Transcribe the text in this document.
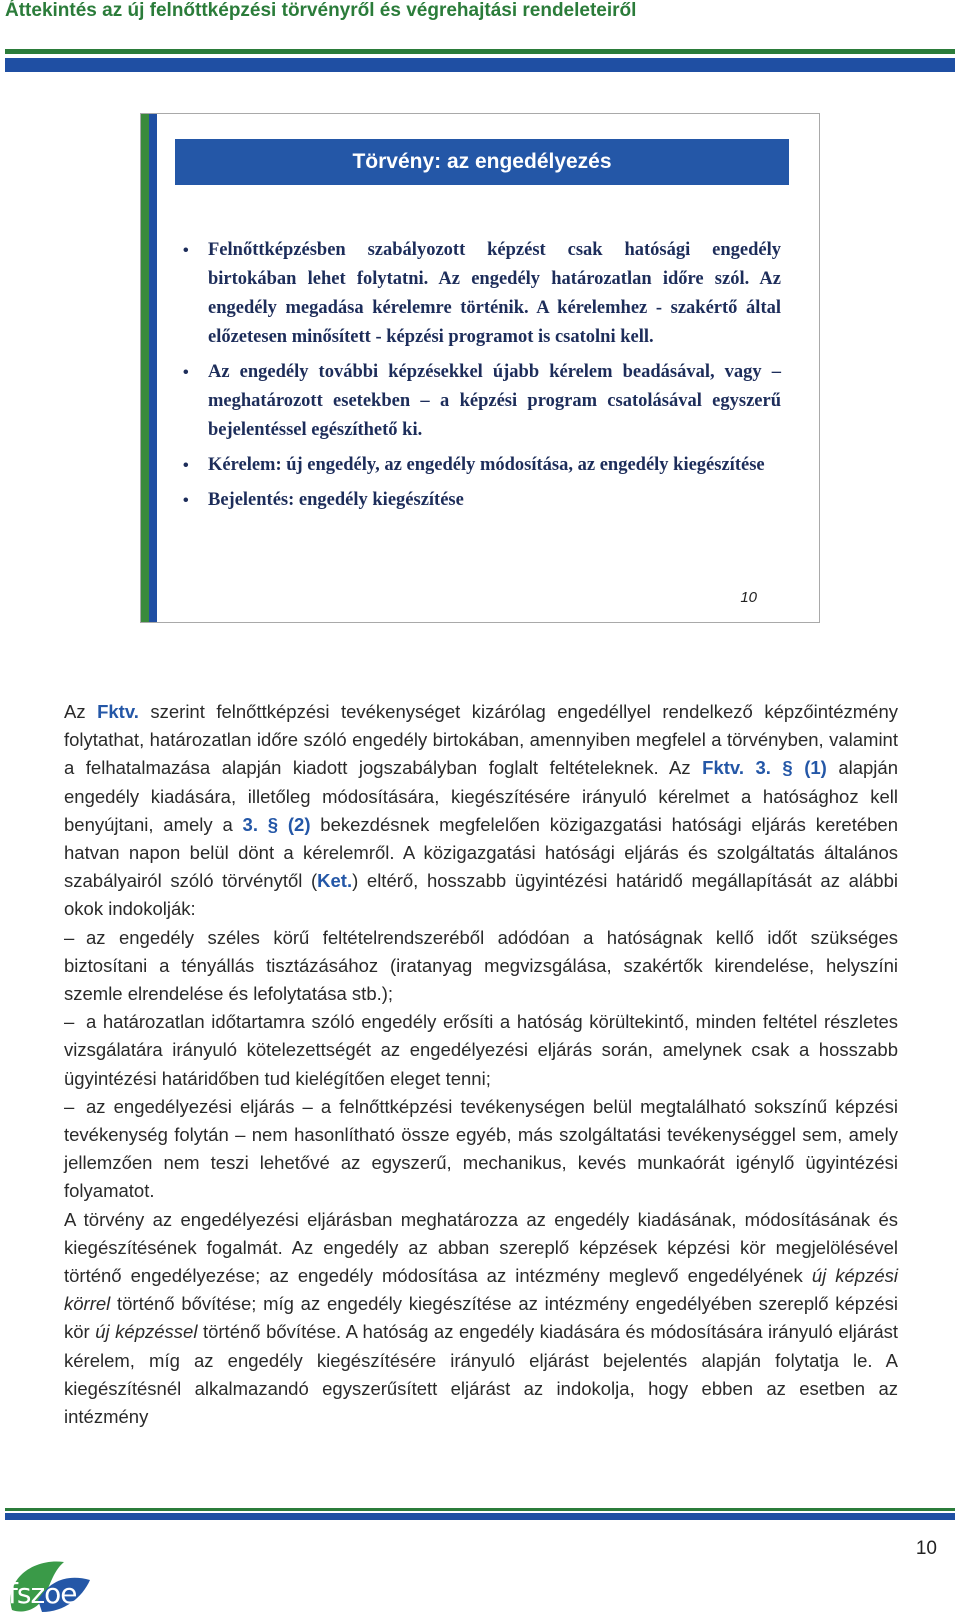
Áttekintés az új felnőttképzési törvényről és végrehajtási rendeleteiről
Törvény: az engedélyezés
• Felnőttképzésben szabályozott képzést csak hatósági engedély birtokában lehet folytatni. Az engedély határozatlan időre szól. Az engedély megadása kérelemre történik. A kérelemhez - szakértő által előzetesen minősített - képzési programot is csatolni kell.
• Az engedély további képzésekkel újabb kérelem beadásával, vagy – meghatározott esetekben – a képzési program csatolásával egyszerű bejelentéssel egészíthető ki.
• Kérelem: új engedély, az engedély módosítása, az engedély kiegészítése
• Bejelentés: engedély kiegészítése
10

Az Fktv. szerint felnőttképzési tevékenységet kizárólag engedéllyel rendelkező képzőintézmény folytathat, határozatlan időre szóló engedély birtokában, amennyiben megfelel a törvényben, valamint a felhatalmazása alapján kiadott jogszabályban foglalt feltételeknek. Az Fktv. 3. § (1) alapján engedély kiadására, illetőleg módosítására, kiegészítésére irányuló kérelmet a hatósághoz kell benyújtani, amely a 3. § (2) bekezdésnek megfelelően közigazgatási hatósági eljárás keretében hatvan napon belül dönt a kérelemről. A közigazgatási hatósági eljárás és szolgáltatás általános szabályairól szóló törvénytől (Ket.) eltérő, hosszabb ügyintézési határidő megállapítását az alábbi okok indokolják:

– az engedély széles körű feltételrendszeréből adódóan a hatóságnak kellő időt szükséges biztosítani a tényállás tisztázásához (iratanyag megvizsgálása, szakértők kirendelése, helyszíni szemle elrendelése és lefolytatása stb.);

– a határozatlan időtartamra szóló engedély erősíti a hatóság körültekintő, minden feltétel részletes vizsgálatára irányuló kötelezettségét az engedélyezési eljárás során, amelynek csak a hosszabb ügyintézési határidőben tud kielégítően eleget tenni;

– az engedélyezési eljárás – a felnőttképzési tevékenységen belül megtalálható sokszínű képzési tevékenység folytán – nem hasonlítható össze egyéb, más szolgáltatási tevékenységgel sem, amely jellemzően nem teszi lehetővé az egyszerű, mechanikus, kevés munkaórát igénylő ügyintézési folyamatot.

A törvény az engedélyezési eljárásban meghatározza az engedély kiadásának, módosításának és kiegészítésének fogalmát. Az engedély az abban szereplő képzések képzési kör megjelölésével történő engedélyezése; az engedély módosítása az intézmény meglevő engedélyének új képzési körrel történő bővítése; míg az engedély kiegészítése az intézmény engedélyében szereplő képzési kör új képzéssel történő bővítése. A hatóság az engedély kiadására és módosítására irányuló eljárást kérelem, míg az engedély kiegészítésére irányuló eljárást bejelentés alapján folytatja le. A kiegészítésnél alkalmazandó egyszerűsített eljárást az indokolja, hogy ebben az esetben az intézmény

10
fszoe
